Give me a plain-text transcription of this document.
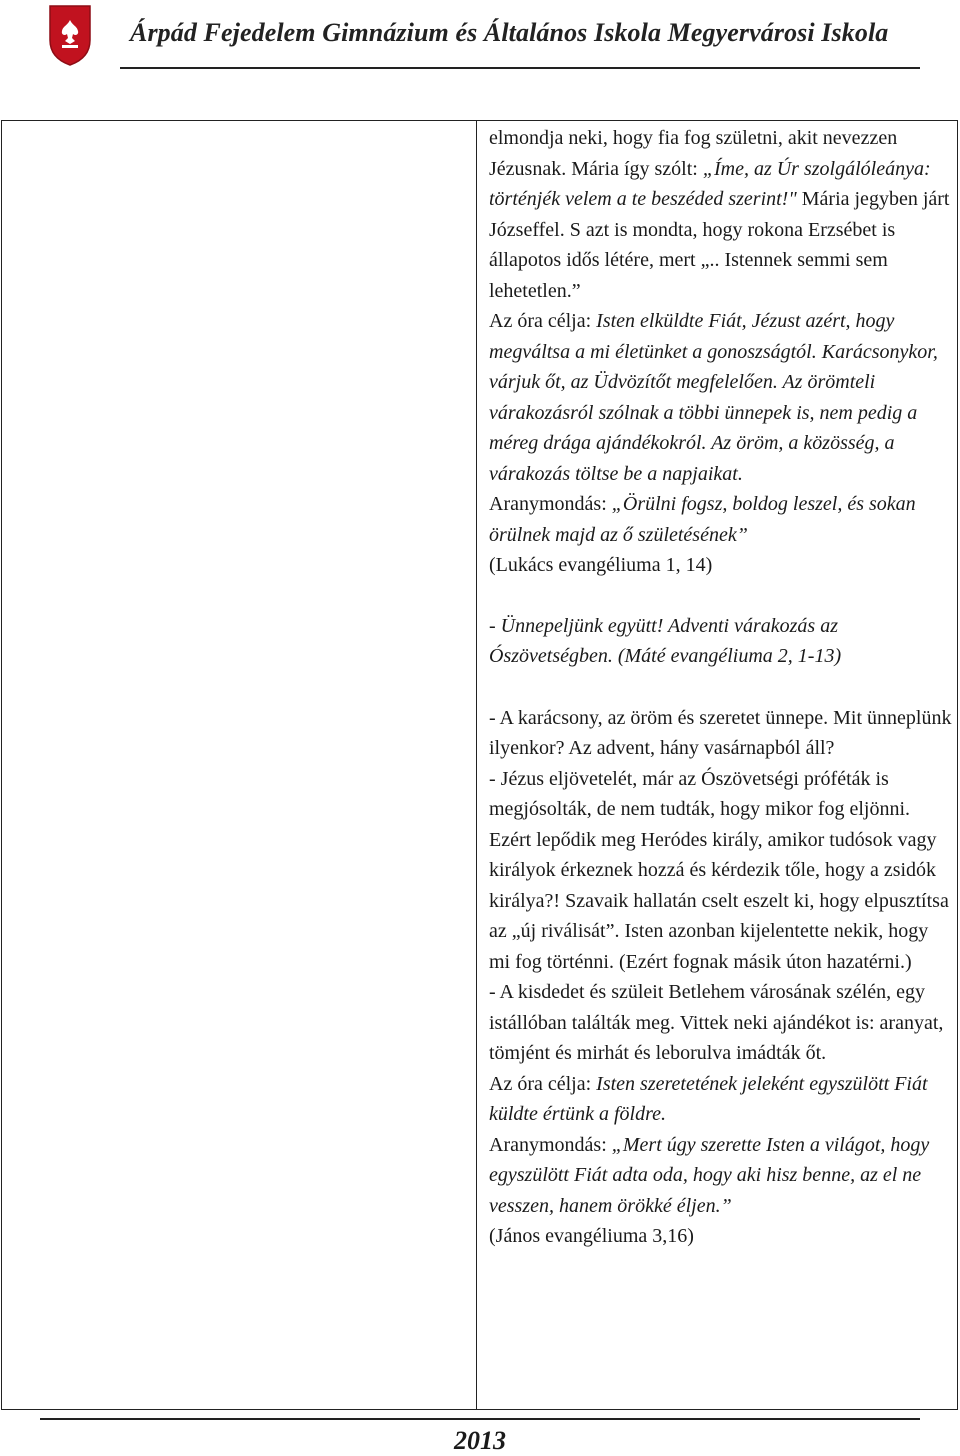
Árpád Fejedelem Gimnázium és Általános Iskola Megyervárosi Iskola

elmondja neki, hogy fia fog születni, akit nevezzen Jézusnak. Mária így szólt: „Íme, az Úr szolgálóleánya: történjék velem a te beszéded szerint!" Mária jegyben járt Józseffel. S azt is mondta, hogy rokona Erzsébet is állapotos idős létére, mert „.. Istennek semmi sem lehetetlen.”

Az óra célja: Isten elküldte Fiát, Jézust azért, hogy megváltsa a mi életünket a gonoszságtól. Karácsonykor, várjuk őt, az Üdvözítőt megfelelően. Az örömteli várakozásról szólnak a többi ünnepek is, nem pedig a méreg drága ajándékokról. Az öröm, a közösség, a várakozás töltse be a napjaikat.

Aranymondás: „Örülni fogsz, boldog leszel, és sokan örülnek majd az ő születésének”

(Lukács evangéliuma 1, 14)

- Ünnepeljünk együtt! Adventi várakozás az Ószövetségben. (Máté evangéliuma 2, 1-13)

- A karácsony, az öröm és szeretet ünnepe. Mit ünneplünk ilyenkor? Az advent, hány vasárnapból áll?

- Jézus eljövetelét, már az Ószövetségi próféták is megjósolták, de nem tudták, hogy mikor fog eljönni. Ezért lepődik meg Heródes király, amikor tudósok vagy királyok érkeznek hozzá és kérdezik tőle, hogy a zsidók királya?! Szavaik hallatán cselt eszelt ki, hogy elpusztítsa az „új riválisát”. Isten azonban kijelentette nekik, hogy mi fog történni. (Ezért fognak másik úton hazatérni.)

- A kisdedet és szüleit Betlehem városának szélén, egy istállóban találták meg. Vittek neki ajándékot is: aranyat, tömjént és mirhát és leborulva imádták őt.

Az óra célja: Isten szeretetének jeleként egyszülött Fiát küldte értünk a földre.

Aranymondás: „Mert úgy szerette Isten a világot, hogy egyszülött Fiát adta oda, hogy aki hisz benne, az el ne vesszen, hanem örökké éljen.”

(János evangéliuma 3,16)

2013
